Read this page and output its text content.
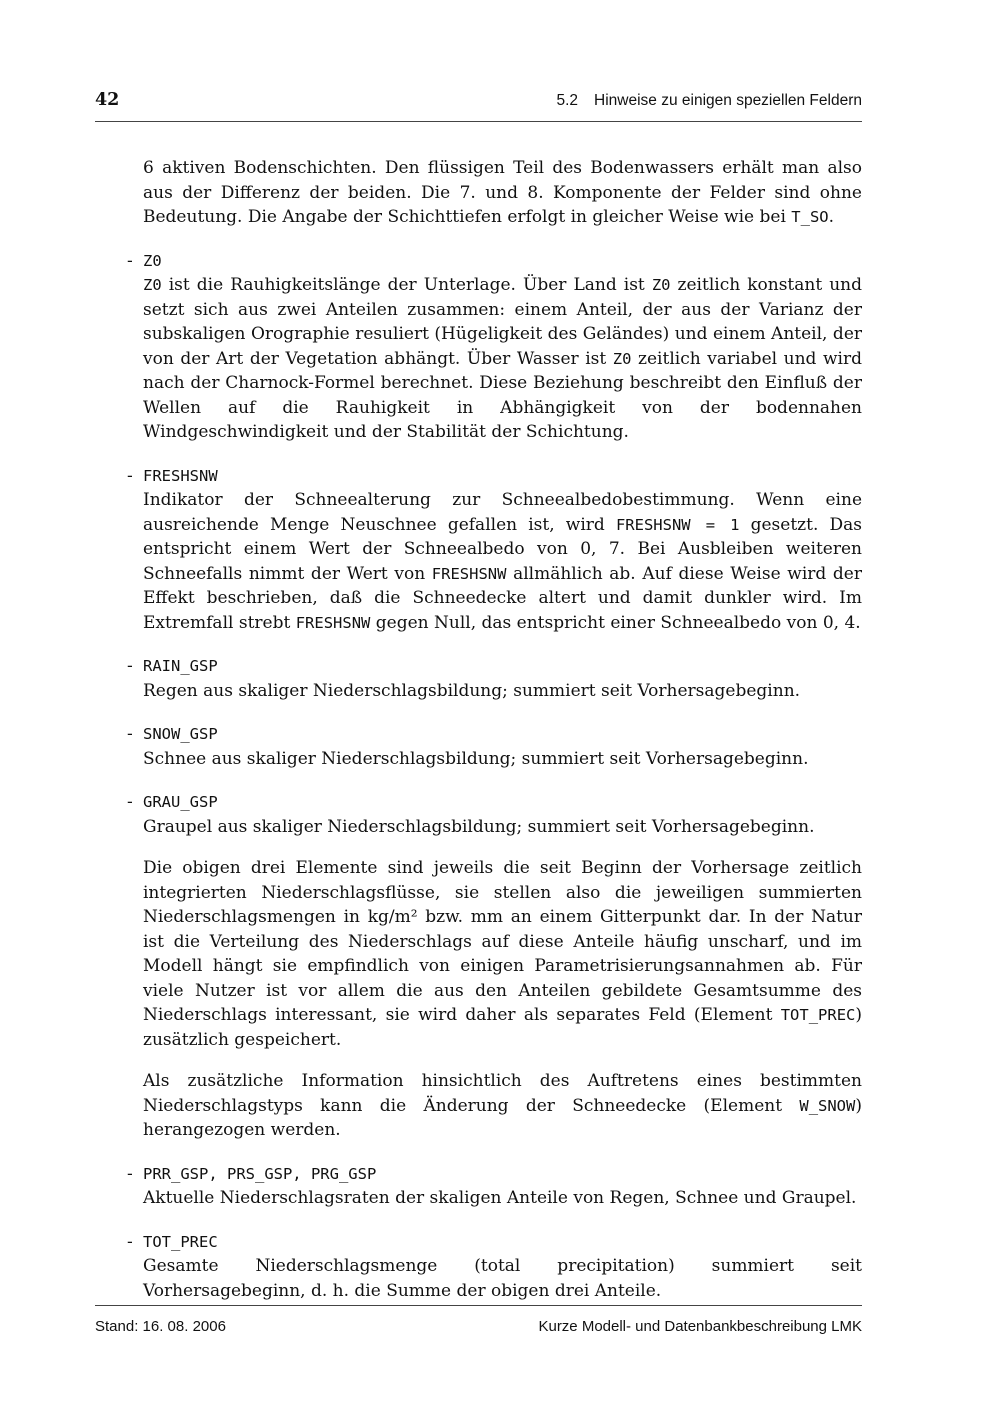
42	5.2 Hinweise zu einigen speziellen Feldern

6 aktiven Bodenschichten. Den flüssigen Teil des Bodenwassers erhält man also aus der Differenz der beiden. Die 7. und 8. Komponente der Felder sind ohne Bedeutung. Die Angabe der Schichttiefen erfolgt in gleicher Weise wie bei T_SO.

- Z0

Z0 ist die Rauhigkeitslänge der Unterlage. Über Land ist Z0 zeitlich konstant und setzt sich aus zwei Anteilen zusammen: einem Anteil, der aus der Varianz der subskaligen Orographie resuliert (Hügeligkeit des Geländes) und einem Anteil, der von der Art der Vegetation abhängt. Über Wasser ist Z0 zeitlich variabel und wird nach der Charnock-Formel berechnet. Diese Beziehung beschreibt den Einfluß der Wellen auf die Rauhigkeit in Abhängigkeit von der bodennahen Windgeschwindigkeit und der Stabilität der Schichtung.

- FRESHSNW

Indikator der Schneealterung zur Schneealbedobestimmung. Wenn eine ausreichende Menge Neuschnee gefallen ist, wird FRESHSNW = 1 gesetzt. Das entspricht einem Wert der Schneealbedo von 0, 7. Bei Ausbleiben weiteren Schneefalls nimmt der Wert von FRESHSNW allmählich ab. Auf diese Weise wird der Effekt beschrieben, daß die Schneedecke altert und damit dunkler wird. Im Extremfall strebt FRESHSNW gegen Null, das entspricht einer Schneealbedo von 0, 4.

- RAIN_GSP

Regen aus skaliger Niederschlagsbildung; summiert seit Vorhersagebeginn.

- SNOW_GSP

Schnee aus skaliger Niederschlagsbildung; summiert seit Vorhersagebeginn.

- GRAU_GSP

Graupel aus skaliger Niederschlagsbildung; summiert seit Vorhersagebeginn.

Die obigen drei Elemente sind jeweils die seit Beginn der Vorhersage zeitlich integrierten Niederschlagsflüsse, sie stellen also die jeweiligen summierten Niederschlagsmengen in kg/m² bzw. mm an einem Gitterpunkt dar. In der Natur ist die Verteilung des Niederschlags auf diese Anteile häufig unscharf, und im Modell hängt sie empfindlich von einigen Parametrisierungsannahmen ab. Für viele Nutzer ist vor allem die aus den Anteilen gebildete Gesamtsumme des Niederschlags interessant, sie wird daher als separates Feld (Element TOT_PREC) zusätzlich gespeichert.

Als zusätzliche Information hinsichtlich des Auftretens eines bestimmten Niederschlagstyps kann die Änderung der Schneedecke (Element W_SNOW) herangezogen werden.

- PRR_GSP, PRS_GSP, PRG_GSP

Aktuelle Niederschlagsraten der skaligen Anteile von Regen, Schnee und Graupel.

- TOT_PREC

Gesamte Niederschlagsmenge (total precipitation) summiert seit Vorhersagebeginn, d. h. die Summe der obigen drei Anteile.

Stand: 16. 08. 2006	Kurze Modell- und Datenbankbeschreibung LMK
